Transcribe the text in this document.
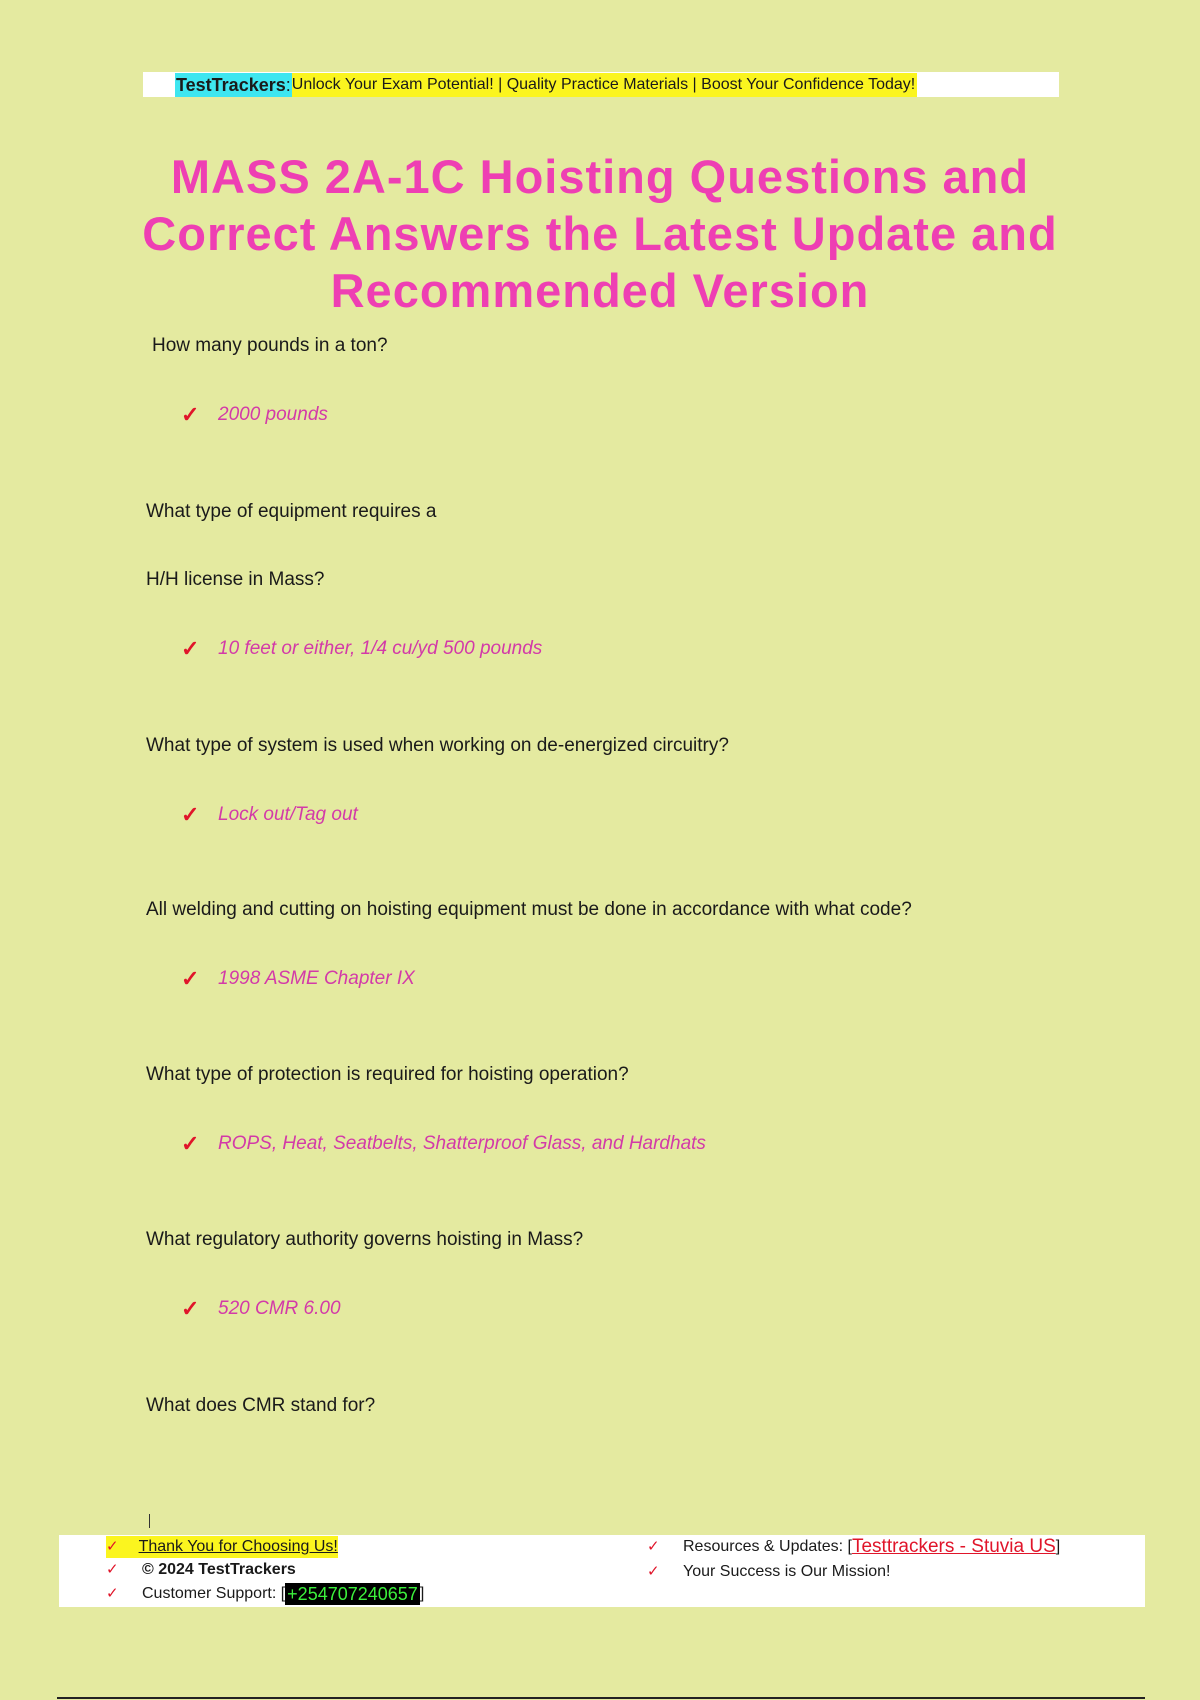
TestTrackers: Unlock Your Exam Potential! | Quality Practice Materials | Boost Your Confidence Today!
MASS 2A-1C Hoisting Questions and Correct Answers the Latest Update and Recommended Version
How many pounds in a ton?
✓ 2000 pounds
What type of equipment requires a
H/H license in Mass?
✓ 10 feet or either, 1/4 cu/yd 500 pounds
What type of system is used when working on de-energized circuitry?
✓ Lock out/Tag out
All welding and cutting on hoisting equipment must be done in accordance with what code?
✓ 1998 ASME Chapter IX
What type of protection is required for hoisting operation?
✓ ROPS, Heat, Seatbelts, Shatterproof Glass, and Hardhats
What regulatory authority governs hoisting in Mass?
✓ 520 CMR 6.00
What does CMR stand for?
✓	Thank You for Choosing Us!
✓	© 2024 TestTrackers
✓	Customer Support: [ +254707240657 ]
✓	Resources & Updates: [ Testtrackers - Stuvia US ]
✓	Your Success is Our Mission!
